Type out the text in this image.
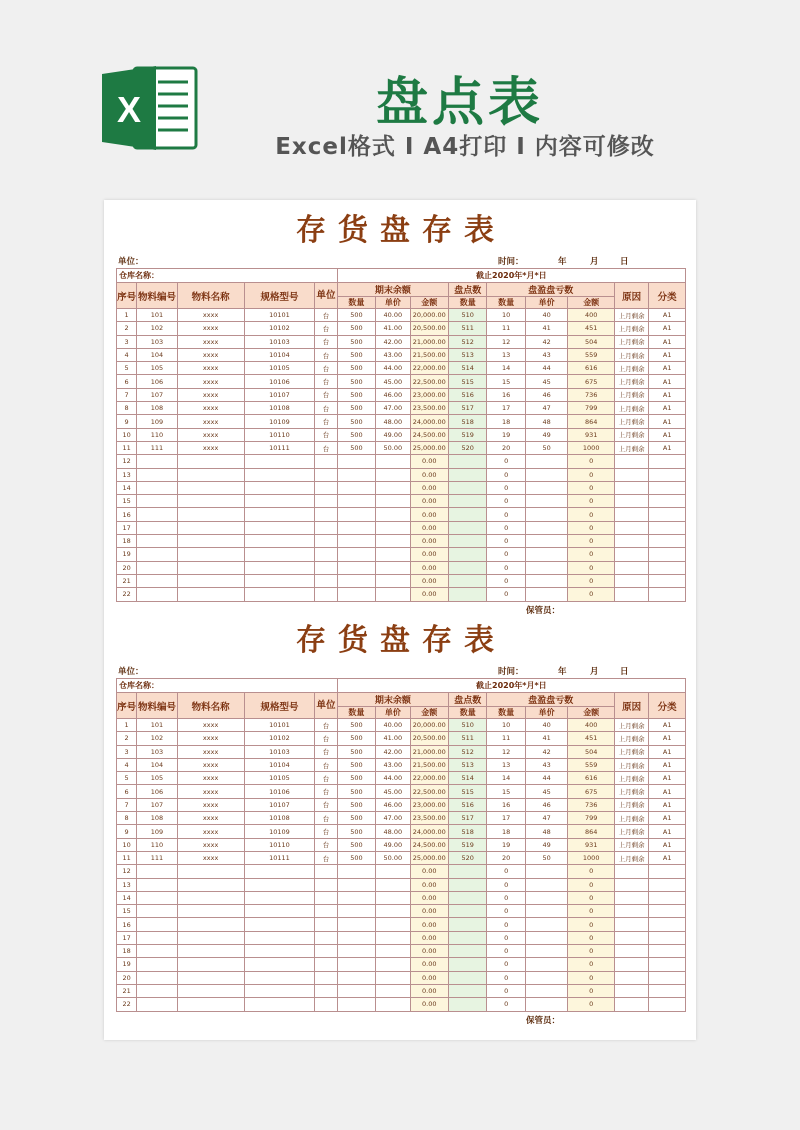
X	盘点表
Excel格式 I A4打印 I 内容可修改
存货盘存表
单位：	时间：	年	月	日
仓库名称：	截止2020年*月*日
序号	物料编号	物料名称	规格型号	单位	期末余额	盘点数	盘盈盘亏数	原因	分类
数量	单价	金额	数量	数量	单价	金额
1	101	xxxx	10101	台	500	40.00	20,000.00	510	10	40	400	上月剩余	A1
2	102	xxxx	10102	台	500	41.00	20,500.00	511	11	41	451	上月剩余	A1
3	103	xxxx	10103	台	500	42.00	21,000.00	512	12	42	504	上月剩余	A1
4	104	xxxx	10104	台	500	43.00	21,500.00	513	13	43	559	上月剩余	A1
5	105	xxxx	10105	台	500	44.00	22,000.00	514	14	44	616	上月剩余	A1
6	106	xxxx	10106	台	500	45.00	22,500.00	515	15	45	675	上月剩余	A1
7	107	xxxx	10107	台	500	46.00	23,000.00	516	16	46	736	上月剩余	A1
8	108	xxxx	10108	台	500	47.00	23,500.00	517	17	47	799	上月剩余	A1
9	109	xxxx	10109	台	500	48.00	24,000.00	518	18	48	864	上月剩余	A1
10	110	xxxx	10110	台	500	49.00	24,500.00	519	19	49	931	上月剩余	A1
11	111	xxxx	10111	台	500	50.00	25,000.00	520	20	50	1000	上月剩余	A1
12							0.00		0		0		
13							0.00		0		0		
14							0.00		0		0		
15							0.00		0		0		
16							0.00		0		0		
17							0.00		0		0		
18							0.00		0		0		
19							0.00		0		0		
20							0.00		0		0		
21							0.00		0		0		
22							0.00		0		0		
保管员：
存货盘存表
单位：	时间：	年	月	日
仓库名称：	截止2020年*月*日
序号	物料编号	物料名称	规格型号	单位	期末余额	盘点数	盘盈盘亏数	原因	分类
数量	单价	金额	数量	数量	单价	金额
1	101	xxxx	10101	台	500	40.00	20,000.00	510	10	40	400	上月剩余	A1
2	102	xxxx	10102	台	500	41.00	20,500.00	511	11	41	451	上月剩余	A1
3	103	xxxx	10103	台	500	42.00	21,000.00	512	12	42	504	上月剩余	A1
4	104	xxxx	10104	台	500	43.00	21,500.00	513	13	43	559	上月剩余	A1
5	105	xxxx	10105	台	500	44.00	22,000.00	514	14	44	616	上月剩余	A1
6	106	xxxx	10106	台	500	45.00	22,500.00	515	15	45	675	上月剩余	A1
7	107	xxxx	10107	台	500	46.00	23,000.00	516	16	46	736	上月剩余	A1
8	108	xxxx	10108	台	500	47.00	23,500.00	517	17	47	799	上月剩余	A1
9	109	xxxx	10109	台	500	48.00	24,000.00	518	18	48	864	上月剩余	A1
10	110	xxxx	10110	台	500	49.00	24,500.00	519	19	49	931	上月剩余	A1
11	111	xxxx	10111	台	500	50.00	25,000.00	520	20	50	1000	上月剩余	A1
12							0.00		0		0		
13							0.00		0		0		
14							0.00		0		0		
15							0.00		0		0		
16							0.00		0		0		
17							0.00		0		0		
18							0.00		0		0		
19							0.00		0		0		
20							0.00		0		0		
21							0.00		0		0		
22							0.00		0		0		
保管员：
